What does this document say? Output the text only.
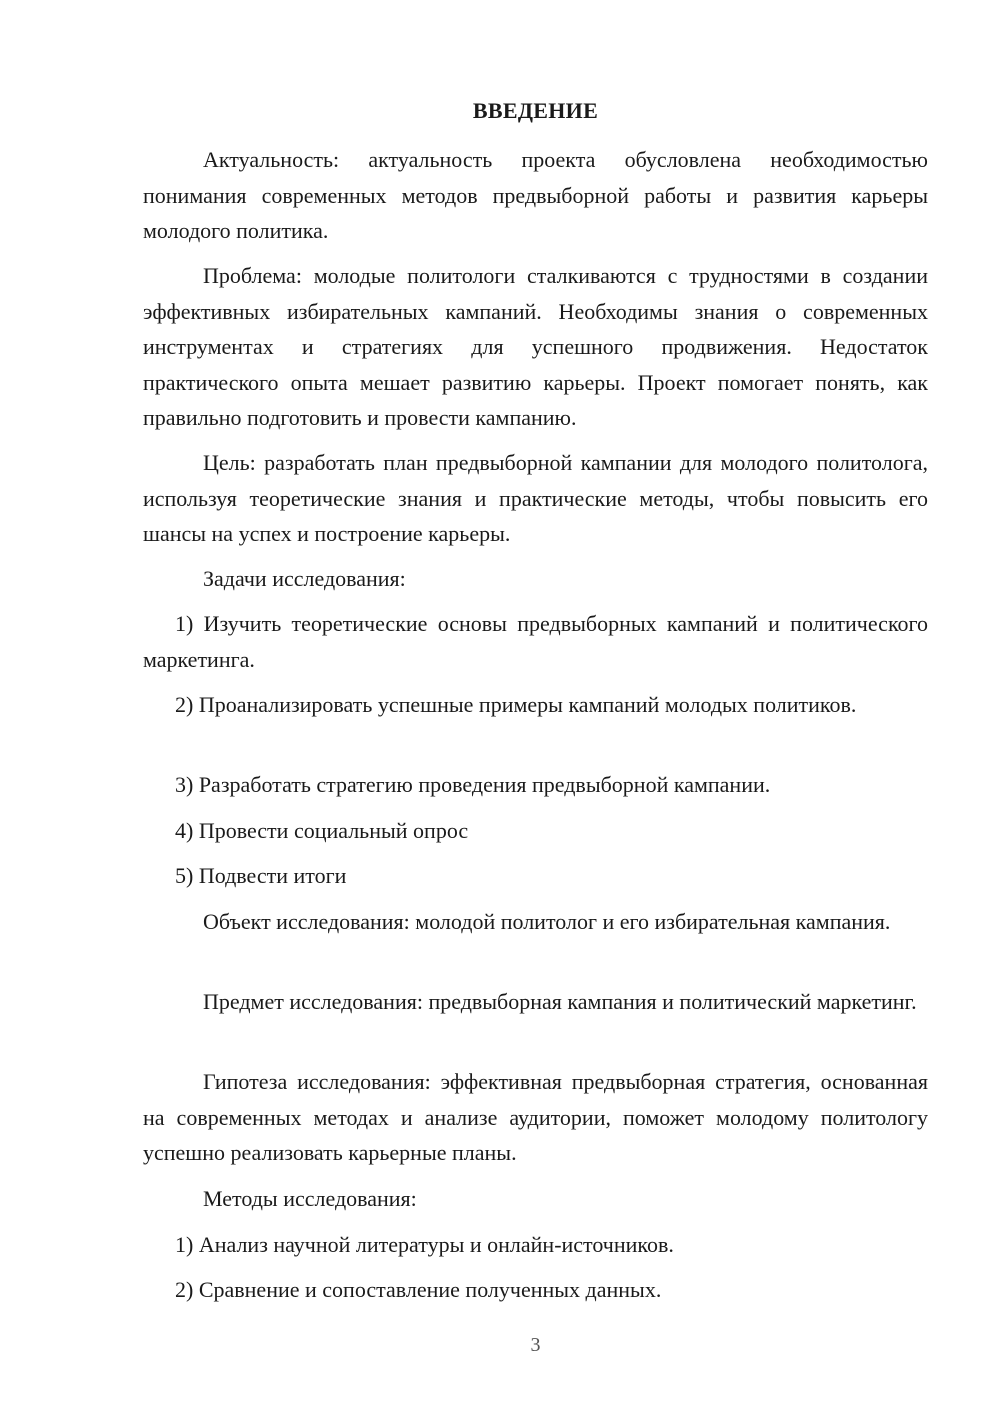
ВВЕДЕНИЕ

Актуальность: актуальность проекта обусловлена необходимостью понимания современных методов предвыборной работы и развития карьеры молодого политика.

Проблема: молодые политологи сталкиваются с трудностями в создании эффективных избирательных кампаний. Необходимы знания о современных инструментах и стратегиях для успешного продвижения. Недостаток практического опыта мешает развитию карьеры. Проект помогает понять, как правильно подготовить и провести кампанию.

Цель: разработать план предвыборной кампании для молодого политолога, используя теоретические знания и практические методы, чтобы повысить его шансы на успех и построение карьеры.

Задачи исследования:

1) Изучить теоретические основы предвыборных кампаний и политического маркетинга.

2) Проанализировать успешные примеры кампаний молодых политиков.

3) Разработать стратегию проведения предвыборной кампании.

4) Провести социальный опрос

5) Подвести итоги

Объект исследования: молодой политолог и его избирательная кампания.

Предмет исследования: предвыборная кампания и политический маркетинг.

Гипотеза исследования: эффективная предвыборная стратегия, основанная на современных методах и анализе аудитории, поможет молодому политологу успешно реализовать карьерные планы.

Методы исследования:

1) Анализ научной литературы и онлайн-источников.

2) Сравнение и сопоставление полученных данных.

3
